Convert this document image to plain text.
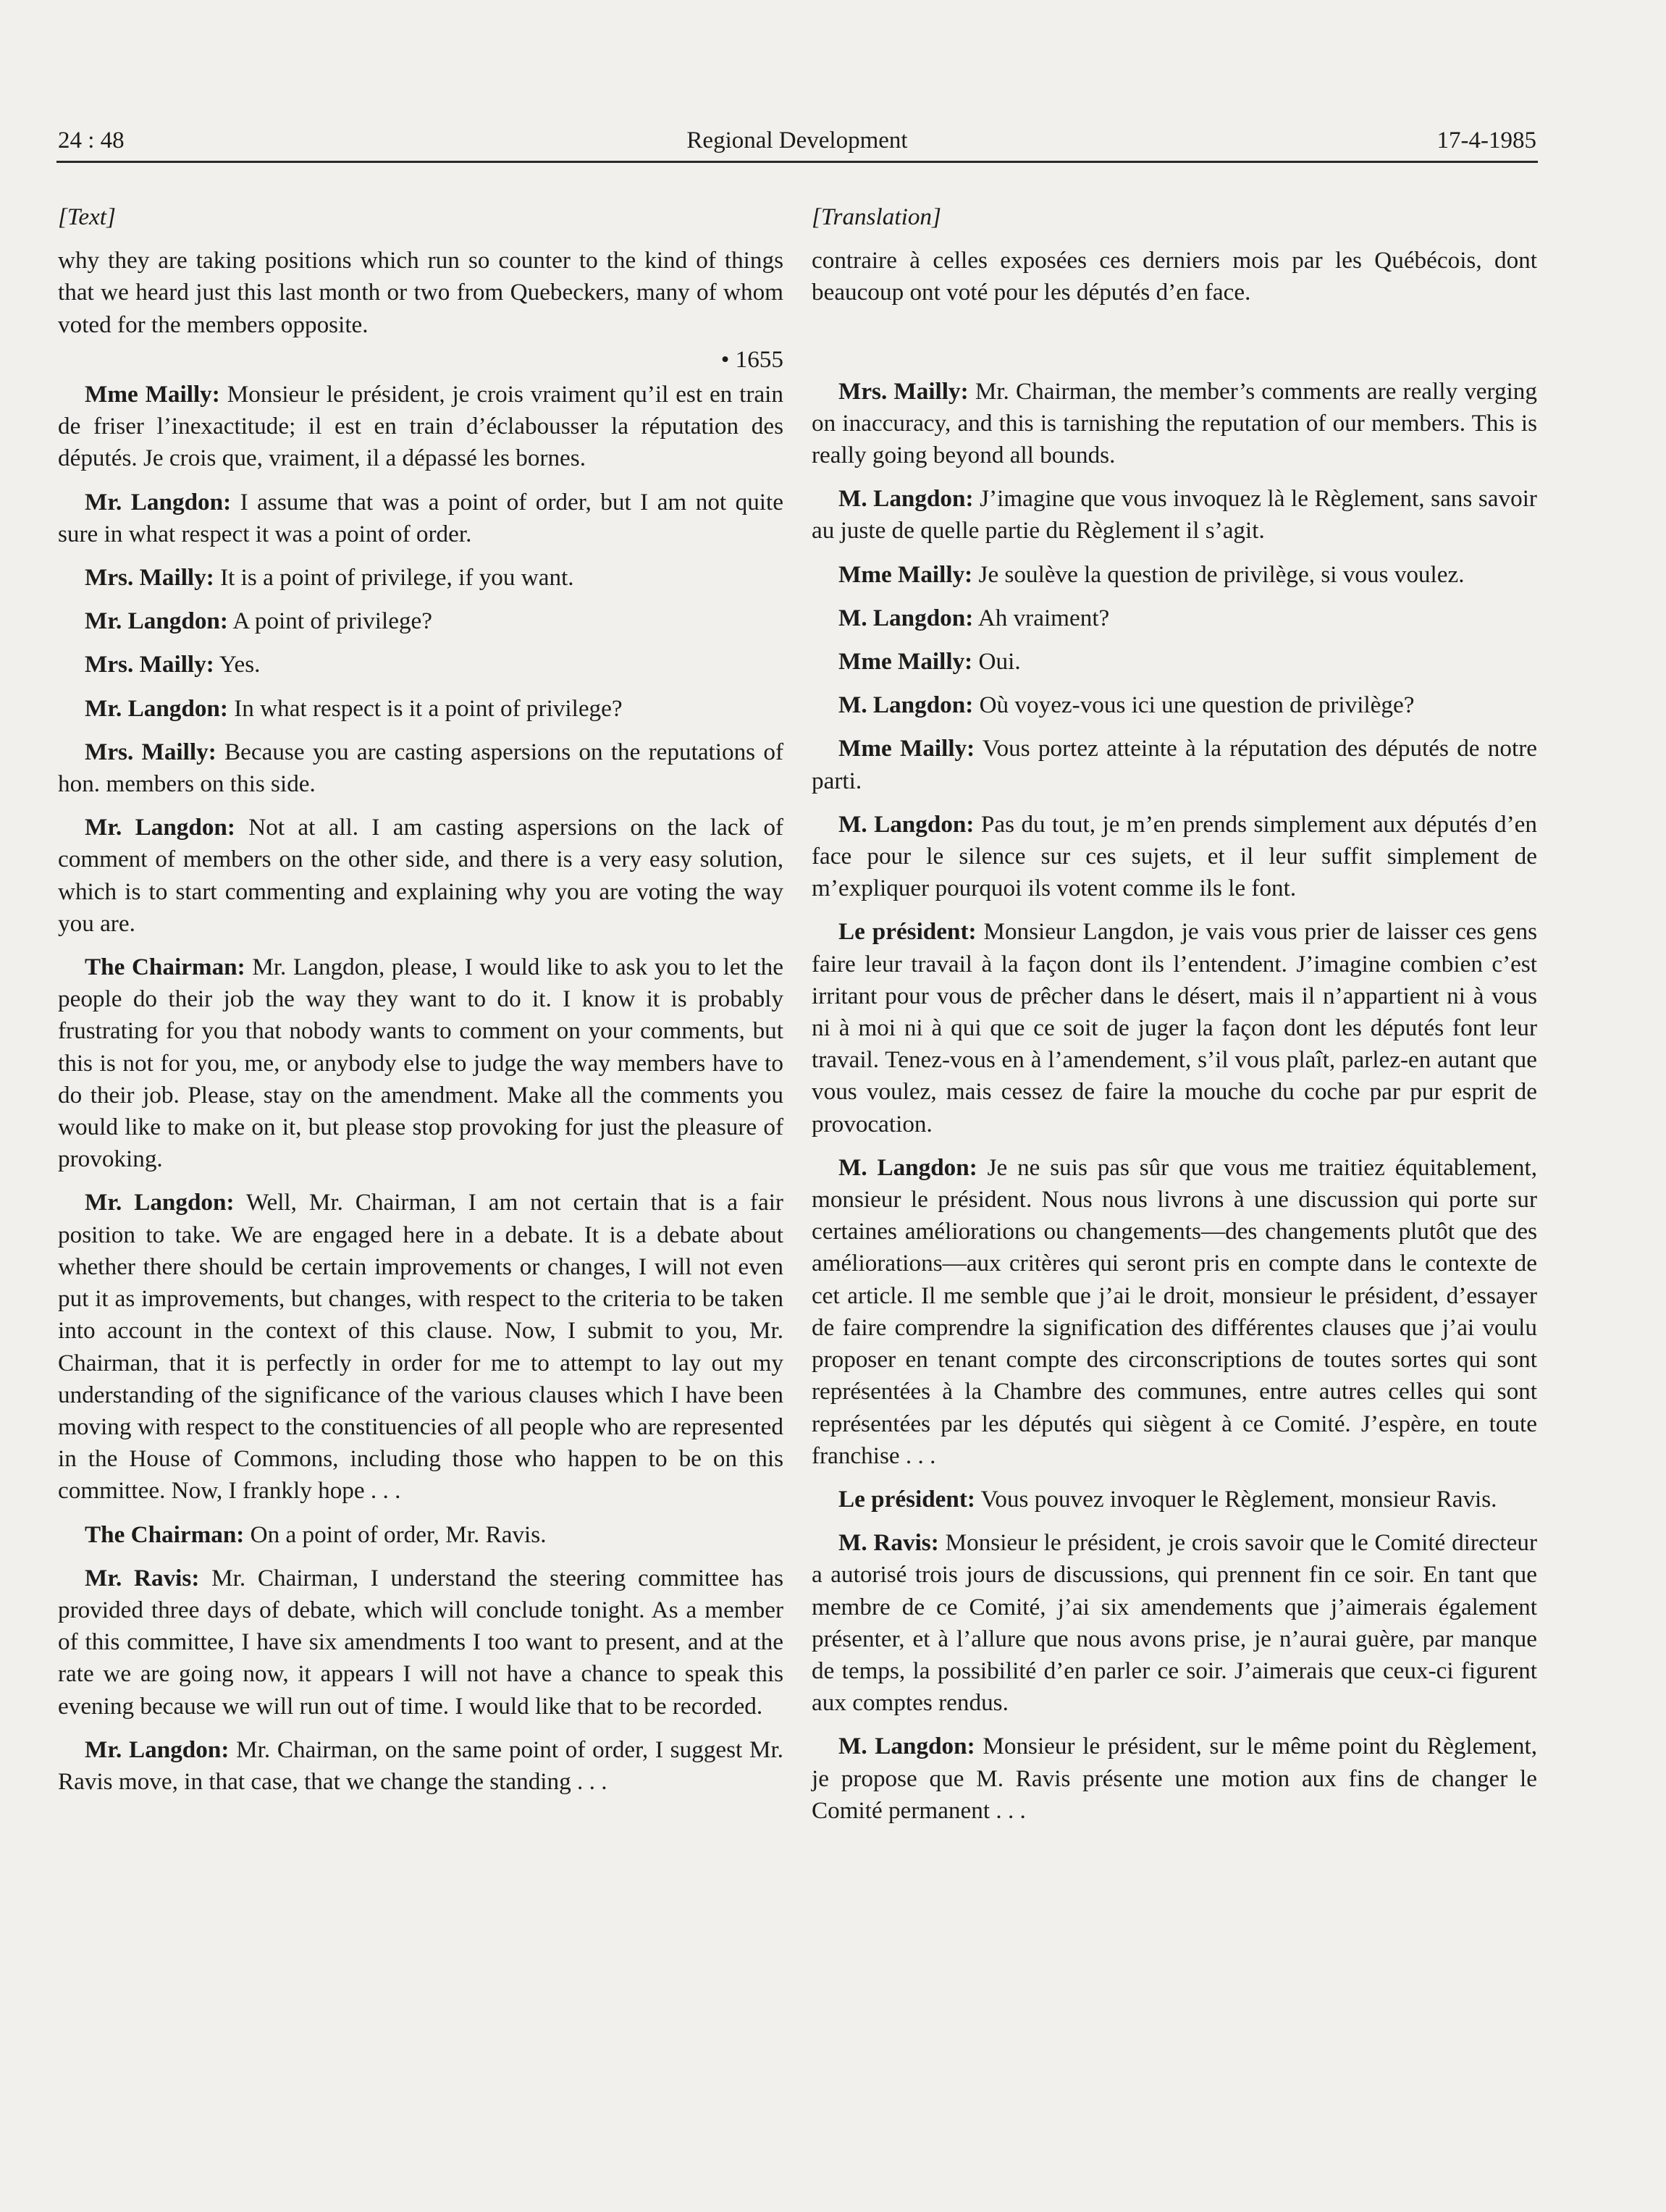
24 : 48	Regional Development	17-4-1985

[Text]

why they are taking positions which run so counter to the kind of things that we heard just this last month or two from Quebeckers, many of whom voted for the members opposite.

• 1655

Mme Mailly: Monsieur le président, je crois vraiment qu’il est en train de friser l’inexactitude; il est en train d’éclabousser la réputation des députés. Je crois que, vraiment, il a dépassé les bornes.

Mr. Langdon: I assume that was a point of order, but I am not quite sure in what respect it was a point of order.

Mrs. Mailly: It is a point of privilege, if you want.

Mr. Langdon: A point of privilege?

Mrs. Mailly: Yes.

Mr. Langdon: In what respect is it a point of privilege?

Mrs. Mailly: Because you are casting aspersions on the reputations of hon. members on this side.

Mr. Langdon: Not at all. I am casting aspersions on the lack of comment of members on the other side, and there is a very easy solution, which is to start commenting and explaining why you are voting the way you are.

The Chairman: Mr. Langdon, please, I would like to ask you to let the people do their job the way they want to do it. I know it is probably frustrating for you that nobody wants to comment on your comments, but this is not for you, me, or anybody else to judge the way members have to do their job. Please, stay on the amendment. Make all the comments you would like to make on it, but please stop provoking for just the pleasure of provoking.

Mr. Langdon: Well, Mr. Chairman, I am not certain that is a fair position to take. We are engaged here in a debate. It is a debate about whether there should be certain improvements or changes, I will not even put it as improvements, but changes, with respect to the criteria to be taken into account in the context of this clause. Now, I submit to you, Mr. Chairman, that it is perfectly in order for me to attempt to lay out my understanding of the significance of the various clauses which I have been moving with respect to the constituencies of all people who are represented in the House of Commons, including those who happen to be on this committee. Now, I frankly hope . . .

The Chairman: On a point of order, Mr. Ravis.

Mr. Ravis: Mr. Chairman, I understand the steering committee has provided three days of debate, which will conclude tonight. As a member of this committee, I have six amendments I too want to present, and at the rate we are going now, it appears I will not have a chance to speak this evening because we will run out of time. I would like that to be recorded.

Mr. Langdon: Mr. Chairman, on the same point of order, I suggest Mr. Ravis move, in that case, that we change the standing . . .

[Translation]

contraire à celles exposées ces derniers mois par les Québécois, dont beaucoup ont voté pour les députés d’en face.

Mrs. Mailly: Mr. Chairman, the member’s comments are really verging on inaccuracy, and this is tarnishing the reputation of our members. This is really going beyond all bounds.

M. Langdon: J’imagine que vous invoquez là le Règlement, sans savoir au juste de quelle partie du Règlement il s’agit.

Mme Mailly: Je soulève la question de privilège, si vous voulez.

M. Langdon: Ah vraiment?

Mme Mailly: Oui.

M. Langdon: Où voyez-vous ici une question de privilège?

Mme Mailly: Vous portez atteinte à la réputation des députés de notre parti.

M. Langdon: Pas du tout, je m’en prends simplement aux députés d’en face pour le silence sur ces sujets, et il leur suffit simplement de m’expliquer pourquoi ils votent comme ils le font.

Le président: Monsieur Langdon, je vais vous prier de laisser ces gens faire leur travail à la façon dont ils l’entendent. J’imagine combien c’est irritant pour vous de prêcher dans le désert, mais il n’appartient ni à vous ni à moi ni à qui que ce soit de juger la façon dont les députés font leur travail. Tenez-vous en à l’amendement, s’il vous plaît, parlez-en autant que vous voulez, mais cessez de faire la mouche du coche par pur esprit de provocation.

M. Langdon: Je ne suis pas sûr que vous me traitiez équitablement, monsieur le président. Nous nous livrons à une discussion qui porte sur certaines améliorations ou changements—des changements plutôt que des améliorations—aux critères qui seront pris en compte dans le contexte de cet article. Il me semble que j’ai le droit, monsieur le président, d’essayer de faire comprendre la signification des différentes clauses que j’ai voulu proposer en tenant compte des circonscriptions de toutes sortes qui sont représentées à la Chambre des communes, entre autres celles qui sont représentées par les députés qui siègent à ce Comité. J’espère, en toute franchise . . .

Le président: Vous pouvez invoquer le Règlement, monsieur Ravis.

M. Ravis: Monsieur le président, je crois savoir que le Comité directeur a autorisé trois jours de discussions, qui prennent fin ce soir. En tant que membre de ce Comité, j’ai six amendements que j’aimerais également présenter, et à l’allure que nous avons prise, je n’aurai guère, par manque de temps, la possibilité d’en parler ce soir. J’aimerais que ceux-ci figurent aux comptes rendus.

M. Langdon: Monsieur le président, sur le même point du Règlement, je propose que M. Ravis présente une motion aux fins de changer le Comité permanent . . .
